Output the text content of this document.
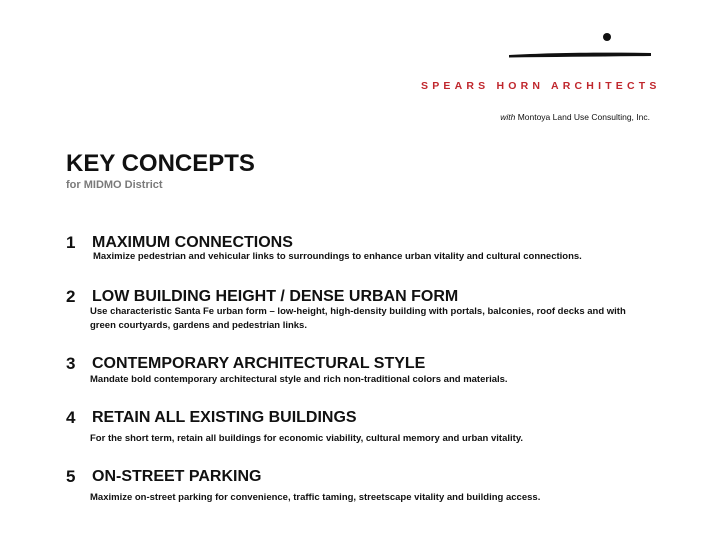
SPEARS HORN ARCHITECTS
with Montoya Land Use Consulting, Inc.
KEY CONCEPTS
for MIDMO District
1 MAXIMUM CONNECTIONS
Maximize pedestrian and vehicular links to surroundings to enhance urban vitality and cultural connections.
2 LOW BUILDING HEIGHT / DENSE URBAN FORM
Use characteristic Santa Fe urban form – low-height, high-density building with portals, balconies, roof decks and with green courtyards, gardens and pedestrian links.
3 CONTEMPORARY ARCHITECTURAL STYLE
Mandate bold contemporary architectural style and rich non-traditional colors and materials.
4 RETAIN ALL EXISTING BUILDINGS
For the short term, retain all buildings for economic viability, cultural memory and urban vitality.
5 ON-STREET PARKING
Maximize on-street parking for convenience, traffic taming, streetscape vitality and building access.
